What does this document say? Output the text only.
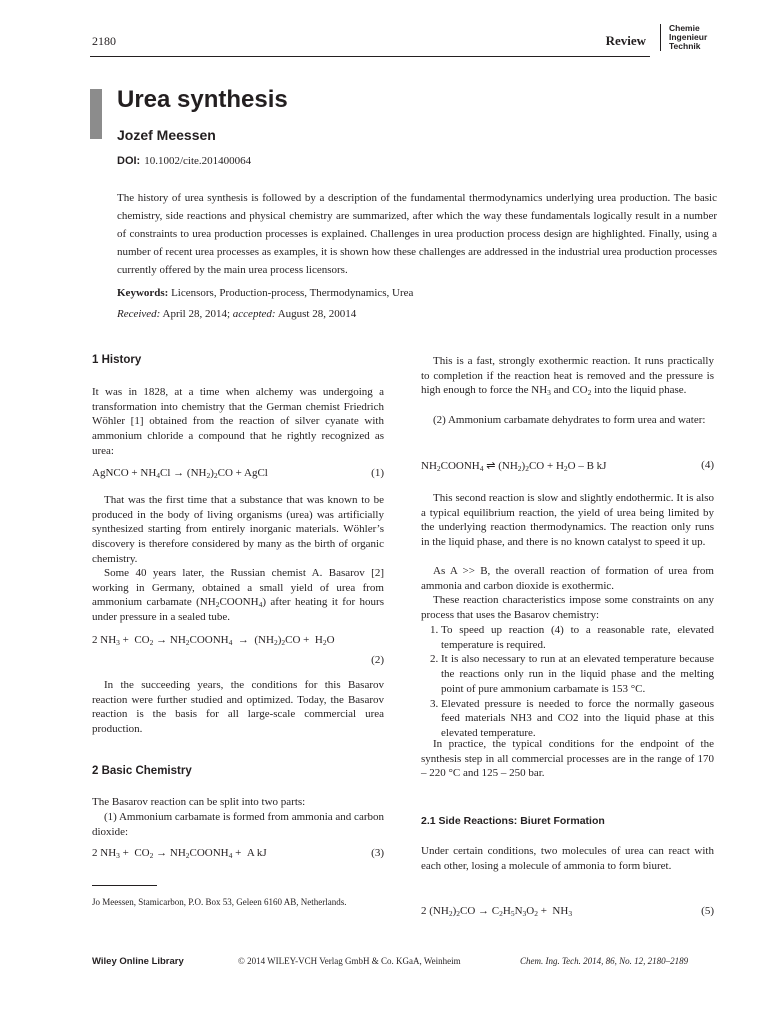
2180	Review
Chemie
Ingenieur
Technik
Urea synthesis
Jozef Meessen
DOI: 10.1002/cite.201400064
The history of urea synthesis is followed by a description of the fundamental thermodynamics underlying urea production. The basic chemistry, side reactions and physical chemistry are summarized, after which the way these fundamentals logically result in a number of constraints to urea production processes is explained. Challenges in urea production process design are highlighted. Finally, using a number of recent urea processes as examples, it is shown how these challenges are addressed in the industrial urea production processes currently offered by the main urea process licensors.
Keywords: Licensors, Production-process, Thermodynamics, Urea
Received: April 28, 2014; accepted: August 28, 20014
1 History
It was in 1828, at a time when alchemy was undergoing a transformation into chemistry that the German chemist Friedrich Wöhler [1] obtained from the reaction of silver cyanate with ammonium chloride a compound that he rightly recognized as urea:
AgNCO + $NH_4Cl \to (NH_2)_2CO$ + AgCl	(1)
That was the first time that a substance that was known to be produced in the body of living organisms (urea) was artificially synthesized starting from entirely inorganic materials. Wöhler’s discovery is therefore considered by many as the birth of organic chemistry.
Some 40 years later, the Russian chemist A. Basarov [2] working in Germany, obtained a small yield of urea from ammonium carbamate $(NH_2COONH_4)$ after heating it for hours under pressure in a sealed tube.
2 $NH_3 + CO_2$ → $NH_2COONH_4 \to (NH_2)_2CO + H_2O$
(2)
In the succeeding years, the conditions for this Basarov reaction were further studied and optimized. Today, the Basarov reaction is the basis for all large-scale commercial urea production.
2 Basic Chemistry
The Basarov reaction can be split into two parts:
(1) Ammonium carbamate is formed from ammonia and carbon dioxide:
2 $NH_3 + CO_2$ → $NH_2COONH_4 + A$ kJ	(3)
Jo Meessen, Stamicarbon, P.O. Box 53, Geleen 6160 AB, Netherlands.
This is a fast, strongly exothermic reaction. It runs practically to completion if the reaction heat is removed and the pressure is high enough to force the $NH_3$ and $CO_2$ into the liquid phase.
(2) Ammonium carbamate dehydrates to form urea and water:
$NH_2COONH_4$ ⇌ $(NH_2)_2CO + H_2O - B$ kJ	(4)
This second reaction is slow and slightly endothermic. It is also a typical equilibrium reaction, the yield of urea being limited by the underlying reaction thermodynamics. The reaction only runs in the liquid phase, and there is no known catalyst to speed it up.
As A >> B, the overall reaction of formation of urea from ammonia and carbon dioxide is exothermic.
These reaction characteristics impose some constraints on any process that uses the Basarov chemistry:
1. To speed up reaction (4) to a reasonable rate, elevated temperature is required.
2. It is also necessary to run at an elevated temperature because the reactions only run in the liquid phase and the melting point of pure ammonium carbamate is 153 °C.
3. Elevated pressure is needed to force the normally gaseous feed materials NH3 and CO2 into the liquid phase at this elevated temperature.
In practice, the typical conditions for the endpoint of the synthesis step in all commercial processes are in the range of 170 – 220 °C and 125 – 250 bar.
2.1 Side Reactions: Biuret Formation
Under certain conditions, two molecules of urea can react with each other, losing a molecule of ammonia to form biuret.
2 $(NH_2)_2CO \to C_2H_5N_3O_2 + NH_3$	(5)
Wiley Online Library	© 2014 WILEY-VCH Verlag GmbH & Co. KGaA, Weinheim	Chem. Ing. Tech. 2014, 86, No. 12, 2180–2189
